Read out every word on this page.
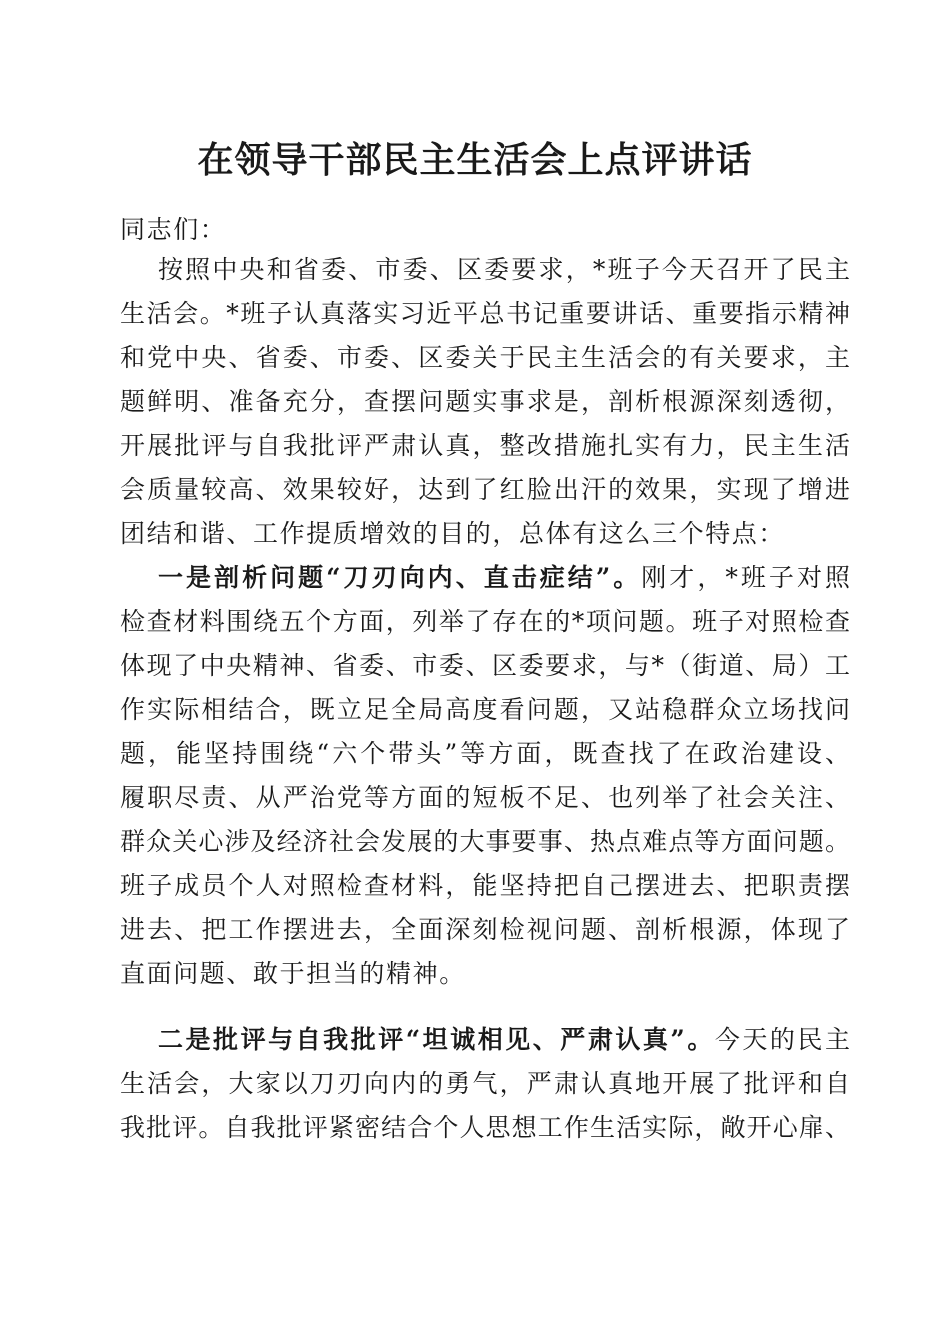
在领导干部民主生活会上点评讲话
同志们：
按照中央和省委、市委、区委要求，*班子今天召开了民主
生活会。*班子认真落实习近平总书记重要讲话、重要指示精神
和党中央、省委、市委、区委关于民主生活会的有关要求，主
题鲜明、准备充分，查摆问题实事求是，剖析根源深刻透彻，
开展批评与自我批评严肃认真，整改措施扎实有力，民主生活
会质量较高、效果较好，达到了红脸出汗的效果，实现了增进
团结和谐、工作提质增效的目的，总体有这么三个特点：
一是剖析问题“刀刃向内、直击症结”。刚才，*班子对照
检查材料围绕五个方面，列举了存在的*项问题。班子对照检查
体现了中央精神、省委、市委、区委要求，与*（街道、局）工
作实际相结合，既立足全局高度看问题，又站稳群众立场找问
题，能坚持围绕“六个带头”等方面，既查找了在政治建设、
履职尽责、从严治党等方面的短板不足、也列举了社会关注、
群众关心涉及经济社会发展的大事要事、热点难点等方面问题。
班子成员个人对照检查材料，能坚持把自己摆进去、把职责摆
进去、把工作摆进去，全面深刻检视问题、剖析根源，体现了
直面问题、敢于担当的精神。
二是批评与自我批评“坦诚相见、严肃认真”。今天的民主
生活会，大家以刀刃向内的勇气，严肃认真地开展了批评和自
我批评。自我批评紧密结合个人思想工作生活实际，敞开心扉、
